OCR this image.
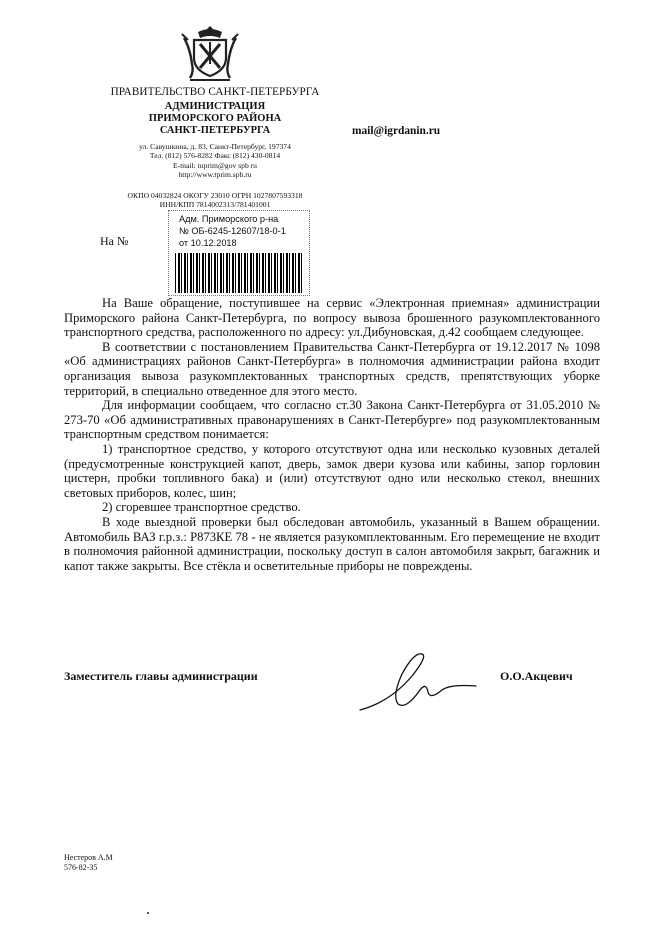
ПРАВИТЕЛЬСТВО САНКТ-ПЕТЕРБУРГА
АДМИНИСТРАЦИЯ
ПРИМОРСКОГО РАЙОНА
САНКТ-ПЕТЕРБУРГА
ул. Савушкина, д. 83, Санкт-Петербург, 197374
Тел. (812) 576-8282 Факс (812) 430-0814
E-mail: tuprim@gov spb ru
http://www.tprim.spb.ru
ОКПО 04032824 ОКОГУ 23010 ОГРН 1027807593318
ИНН/КПП 7814002313/781401001
mail@igrdanin.ru
На №
Адм. Приморского р-на
№ ОБ-6245-12607/18-0-1
от 10.12.2018

На Ваше обращение, поступившее на сервис «Электронная приемная» администрации Приморского района Санкт-Петербурга, по вопросу вывоза брошенного разукомплектованного транспортного средства, расположенного по адресу: ул.Дибуновская, д.42 сообщаем следующее.

В соответствии с постановлением Правительства Санкт-Петербурга от 19.12.2017 № 1098 «Об администрациях районов Санкт-Петербурга» в полномочия администрации района входит организация вывоза разукомплектованных транспортных средств, препятствующих уборке территорий, в специально отведенное для этого место.

Для информации сообщаем, что согласно ст.30 Закона Санкт-Петербурга от 31.05.2010 № 273-70 «Об административных правонарушениях в Санкт-Петербурге» под разукомплектованным транспортным средством понимается:

1) транспортное средство, у которого отсутствуют одна или несколько кузовных деталей (предусмотренные конструкцией капот, дверь, замок двери кузова или кабины, запор горловин цистерн, пробки топливного бака) и (или) отсутствуют одно или несколько стекол, внешних световых приборов, колес, шин;

2) сгоревшее транспортное средство.

В ходе выездной проверки был обследован автомобиль, указанный в Вашем обращении. Автомобиль ВАЗ г.р.з.: Р873КЕ 78 - не является разукомплектованным. Его перемещение не входит в полномочия районной администрации, поскольку доступ в салон автомобиля закрыт, багажник и капот также закрыты. Все стёкла и осветительные приборы не повреждены.

Заместитель главы администрации	О.О.Акцевич
Нестеров А.М
576-82-35
